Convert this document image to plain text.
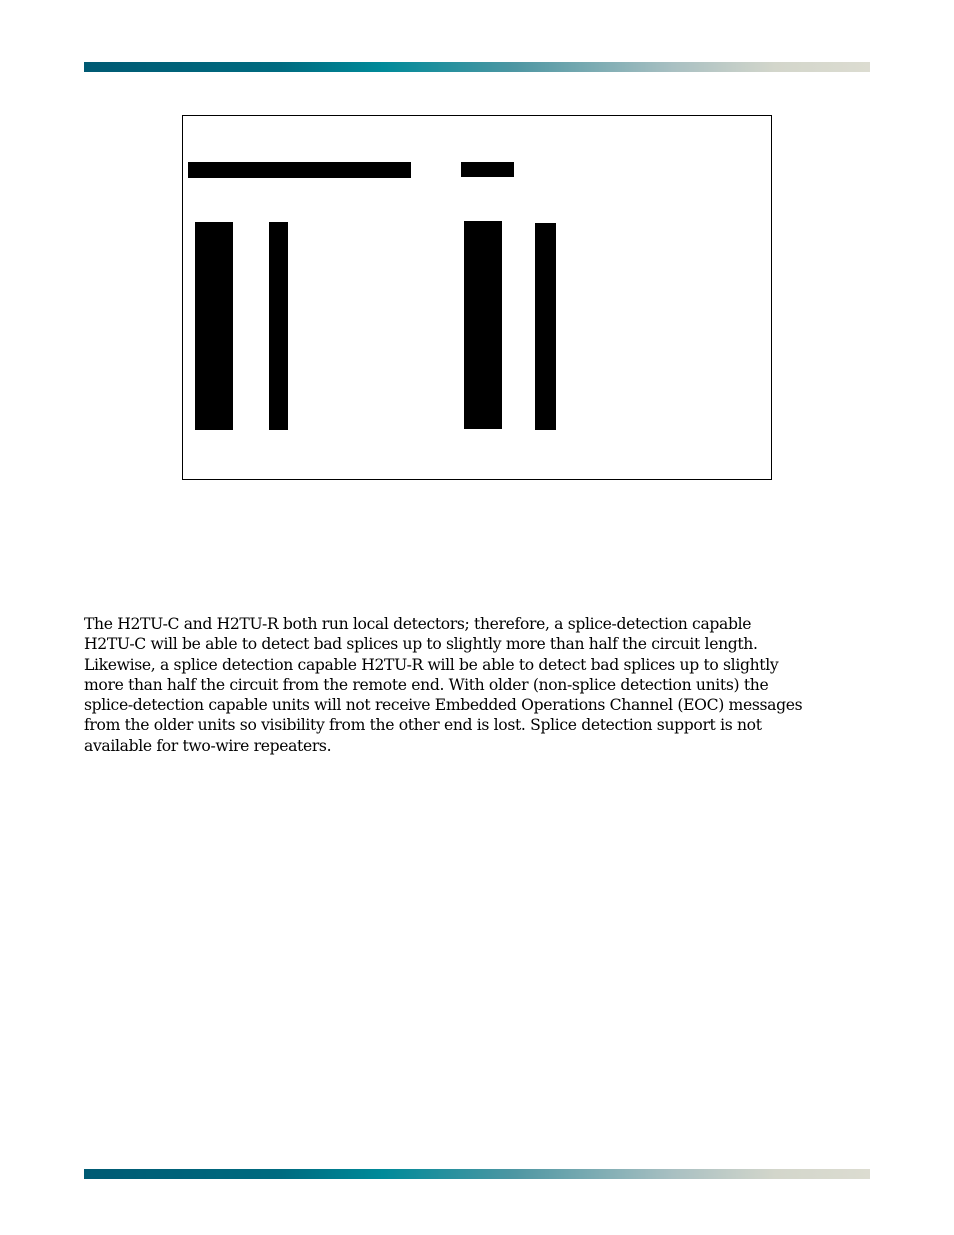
The H2TU-C and H2TU-R both run local detectors; therefore, a splice-detection capable
H2TU-C will be able to detect bad splices up to slightly more than half the circuit length.
Likewise, a splice detection capable H2TU-R will be able to detect bad splices up to slightly
more than half the circuit from the remote end. With older (non-splice detection units) the
splice-detection capable units will not receive Embedded Operations Channel (EOC) messages
from the older units so visibility from the other end is lost. Splice detection support is not
available for two-wire repeaters.
